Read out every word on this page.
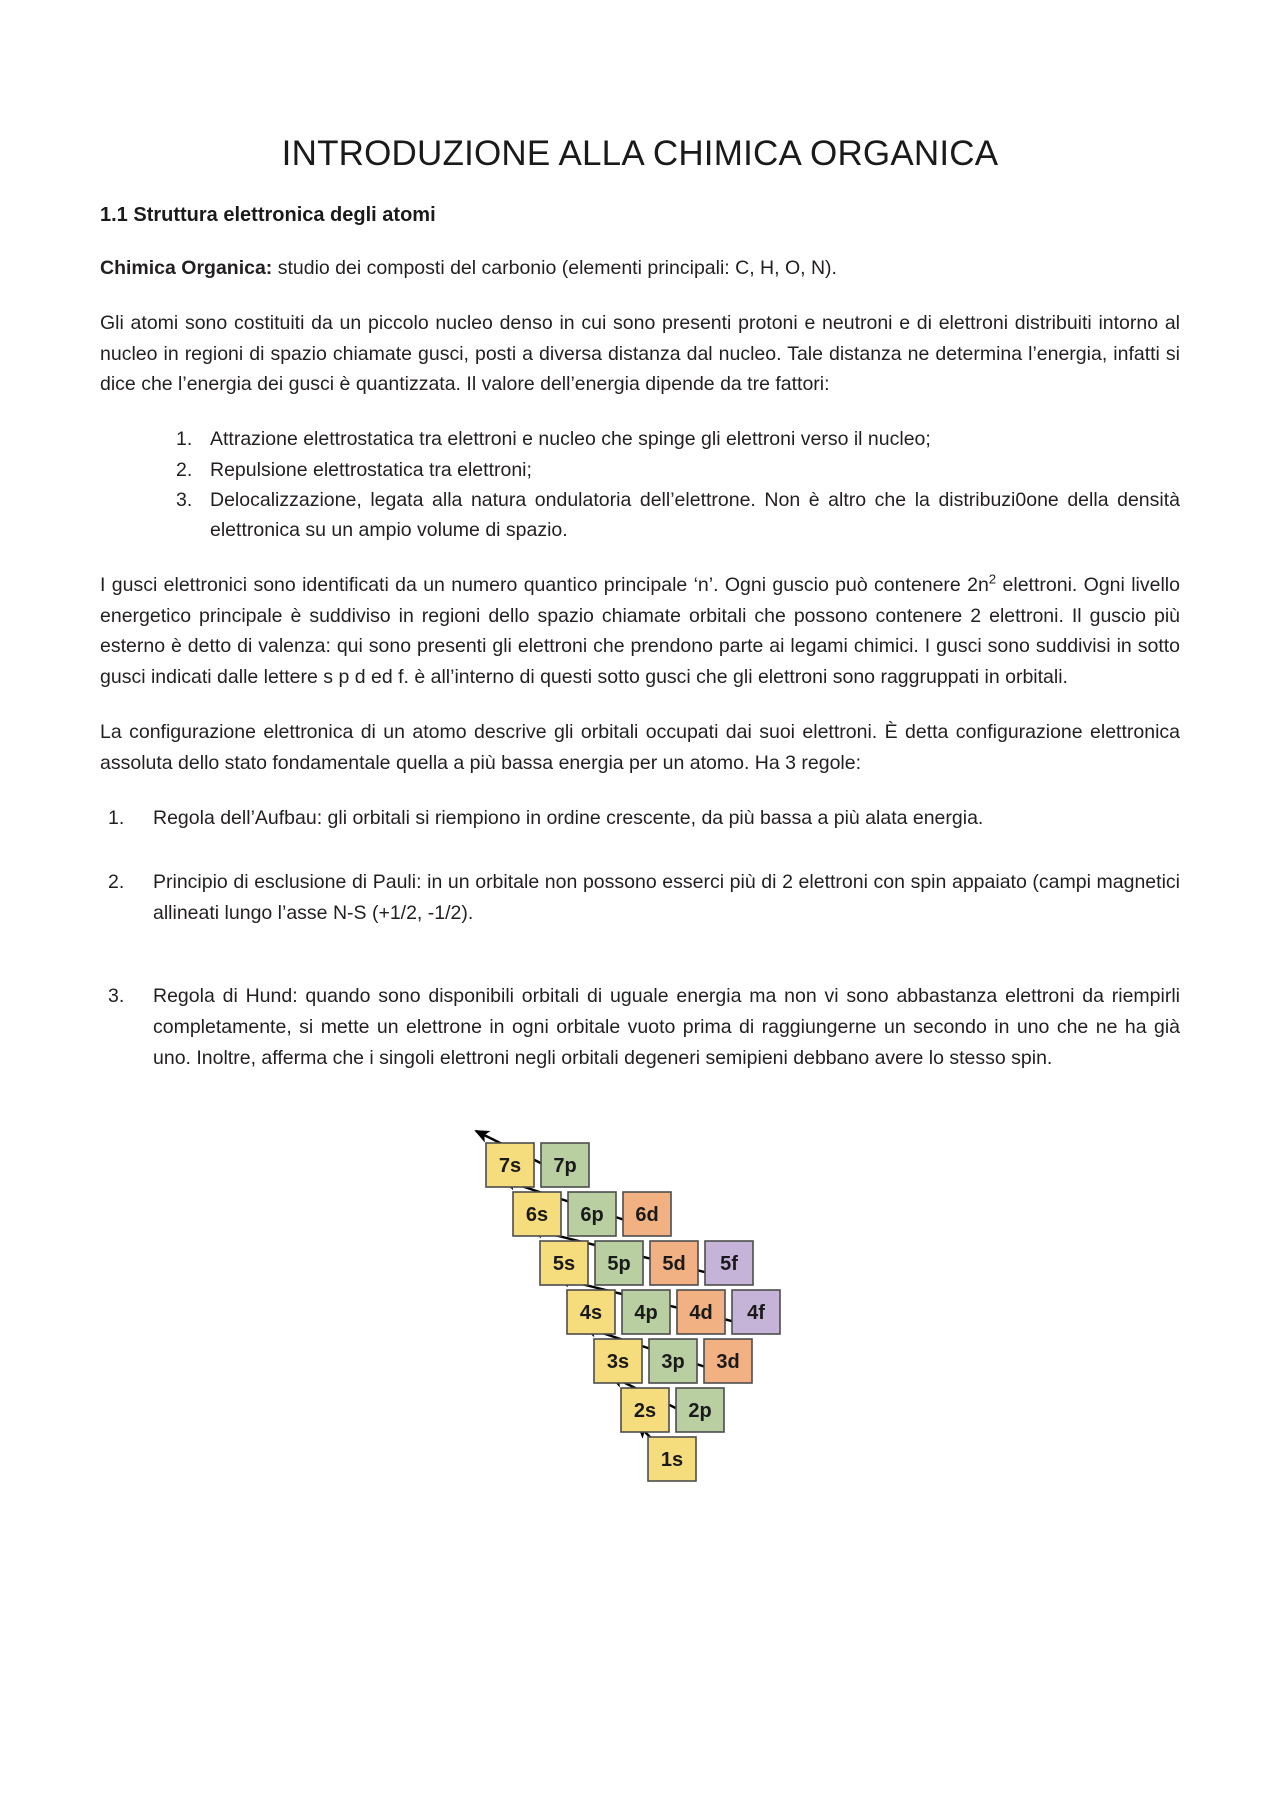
INTRODUZIONE ALLA CHIMICA ORGANICA
1.1 Struttura elettronica degli atomi

Chimica Organica: studio dei composti del carbonio (elementi principali: C, H, O, N).

Gli atomi sono costituiti da un piccolo nucleo denso in cui sono presenti protoni e neutroni e di elettroni distribuiti intorno al nucleo in regioni di spazio chiamate gusci, posti a diversa distanza dal nucleo. Tale distanza ne determina l’energia, infatti si dice che l’energia dei gusci è quantizzata. Il valore dell’energia dipende da tre fattori:

Attrazione elettrostatica tra elettroni e nucleo che spinge gli elettroni verso il nucleo;
Repulsione elettrostatica tra elettroni;
Delocalizzazione, legata alla natura ondulatoria dell’elettrone. Non è altro che la distribuzi0one della densità elettronica su un ampio volume di spazio.

I gusci elettronici sono identificati da un numero quantico principale ‘n’. Ogni guscio può contenere $2n^2$ elettroni. Ogni livello energetico principale è suddiviso in regioni dello spazio chiamate orbitali che possono contenere 2 elettroni. Il guscio più esterno è detto di valenza: qui sono presenti gli elettroni che prendono parte ai legami chimici. I gusci sono suddivisi in sotto gusci indicati dalle lettere s p d ed f. è all’interno di questi sotto gusci che gli elettroni sono raggruppati in orbitali.

La configurazione elettronica di un atomo descrive gli orbitali occupati dai suoi elettroni. È detta configurazione elettronica assoluta dello stato fondamentale quella a più bassa energia per un atomo. Ha 3 regole:

Regola dell’Aufbau: gli orbitali si riempiono in ordine crescente, da più bassa a più alata energia.
Principio di esclusione di Pauli: in un orbitale non possono esserci più di 2 elettroni con spin appaiato (campi magnetici allineati lungo l’asse N-S (+1/2, -1/2).
Regola di Hund: quando sono disponibili orbitali di uguale energia ma non vi sono abbastanza elettroni da riempirli completamente, si mette un elettrone in ogni orbitale vuoto prima di raggiungerne un secondo in uno che ne ha già uno. Inoltre, afferma che i singoli elettroni negli orbitali degeneri semipieni debbano avere lo stesso spin.
7s 7p
6s 6p 6d
5s 5p 5d 5f
4s 4p 4d 4f
3s 3p 3d
2s 2p
1s
